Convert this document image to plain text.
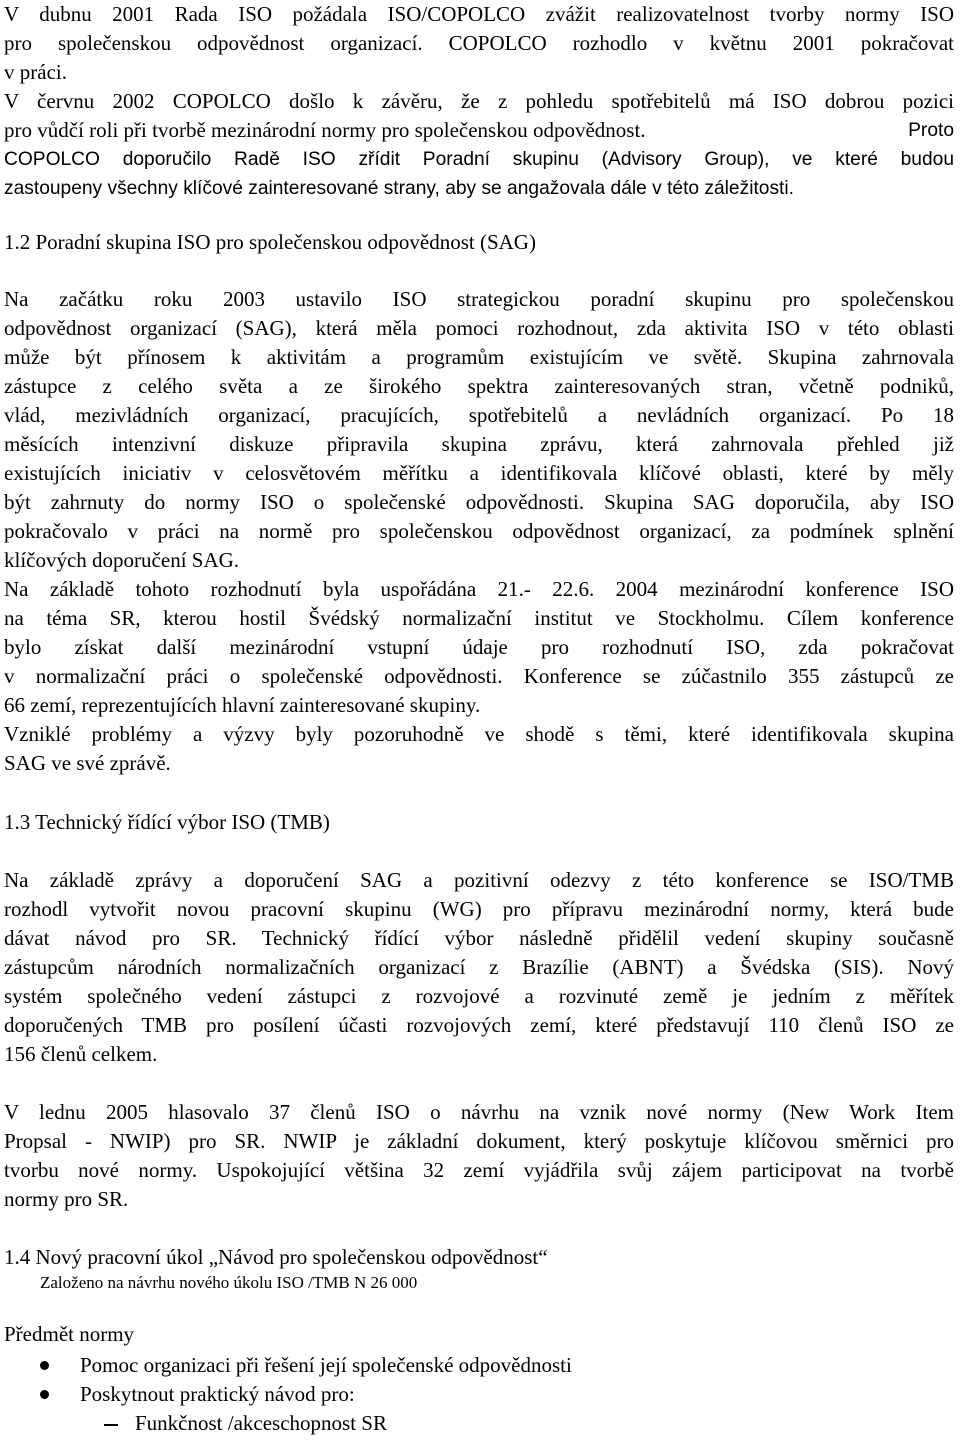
V dubnu 2001 Rada ISO požádala ISO/COPOLCO zvážit realizovatelnost tvorby normy ISO
pro společenskou odpovědnost organizací. COPOLCO rozhodlo v květnu 2001 pokračovat
v práci.
V červnu 2002 COPOLCO došlo k závěru, že z pohledu spotřebitelů má ISO dobrou pozici
pro vůdčí roli při tvorbě mezinárodní normy pro společenskou odpovědnost.	Proto
COPOLCO doporučilo Radě ISO zřídit Poradní skupinu (Advisory Group), ve které budou
zastoupeny všechny klíčové zainteresované strany, aby se angažovala dále v této záležitosti.
1.2 Poradní skupina ISO pro společenskou odpovědnost (SAG)
Na začátku roku 2003 ustavilo ISO strategickou poradní skupinu pro společenskou
odpovědnost organizací (SAG), která měla pomoci rozhodnout, zda aktivita ISO v této oblasti
může být přínosem k aktivitám a programům existujícím ve světě. Skupina zahrnovala
zástupce z celého světa a ze širokého spektra zainteresovaných stran, včetně podniků,
vlád, mezivládních organizací, pracujících, spotřebitelů a nevládních organizací. Po 18
měsících intenzivní diskuze připravila skupina zprávu, která zahrnovala přehled již
existujících iniciativ v celosvětovém měřítku a identifikovala klíčové oblasti, které by měly
být zahrnuty do normy ISO o společenské odpovědnosti. Skupina SAG doporučila, aby ISO
pokračovalo v práci na normě pro společenskou odpovědnost organizací, za podmínek splnění
klíčových doporučení SAG.
Na základě tohoto rozhodnutí byla uspořádána 21.- 22.6. 2004 mezinárodní konference ISO
na téma SR, kterou hostil Švédský normalizační institut ve Stockholmu. Cílem konference
bylo získat další mezinárodní vstupní údaje pro rozhodnutí ISO, zda pokračovat
v normalizační práci o společenské odpovědnosti. Konference se zúčastnilo 355 zástupců ze
66 zemí, reprezentujících hlavní zainteresované skupiny.
Vzniklé problémy a výzvy byly pozoruhodně ve shodě s těmi, které identifikovala skupina
SAG ve své zprávě.
1.3 Technický řídící výbor ISO (TMB)
Na základě zprávy a doporučení SAG a pozitivní odezvy z této konference se ISO/TMB
rozhodl vytvořit novou pracovní skupinu (WG) pro přípravu mezinárodní normy, která bude
dávat návod pro SR. Technický řídící výbor následně přidělil vedení skupiny současně
zástupcům národních normalizačních organizací z Brazílie (ABNT) a Švédska (SIS). Nový
systém společného vedení zástupci z rozvojové a rozvinuté země je jedním z měřítek
doporučených TMB pro posílení účasti rozvojových zemí, které představují 110 členů ISO ze
156 členů celkem.
V lednu 2005 hlasovalo 37 členů ISO o návrhu na vznik nové normy (New Work Item
Propsal - NWIP) pro SR. NWIP je základní dokument, který poskytuje klíčovou směrnici pro
tvorbu nové normy. Uspokojující většina 32 zemí vyjádřila svůj zájem participovat na tvorbě
normy pro SR.
1.4 Nový pracovní úkol „Návod pro společenskou odpovědnost“
Založeno na návrhu nového úkolu ISO /TMB N 26 000
Předmět normy
Pomoc organizaci při řešení její společenské odpovědnosti
Poskytnout praktický návod pro:
Funkčnost /akceschopnost SR
